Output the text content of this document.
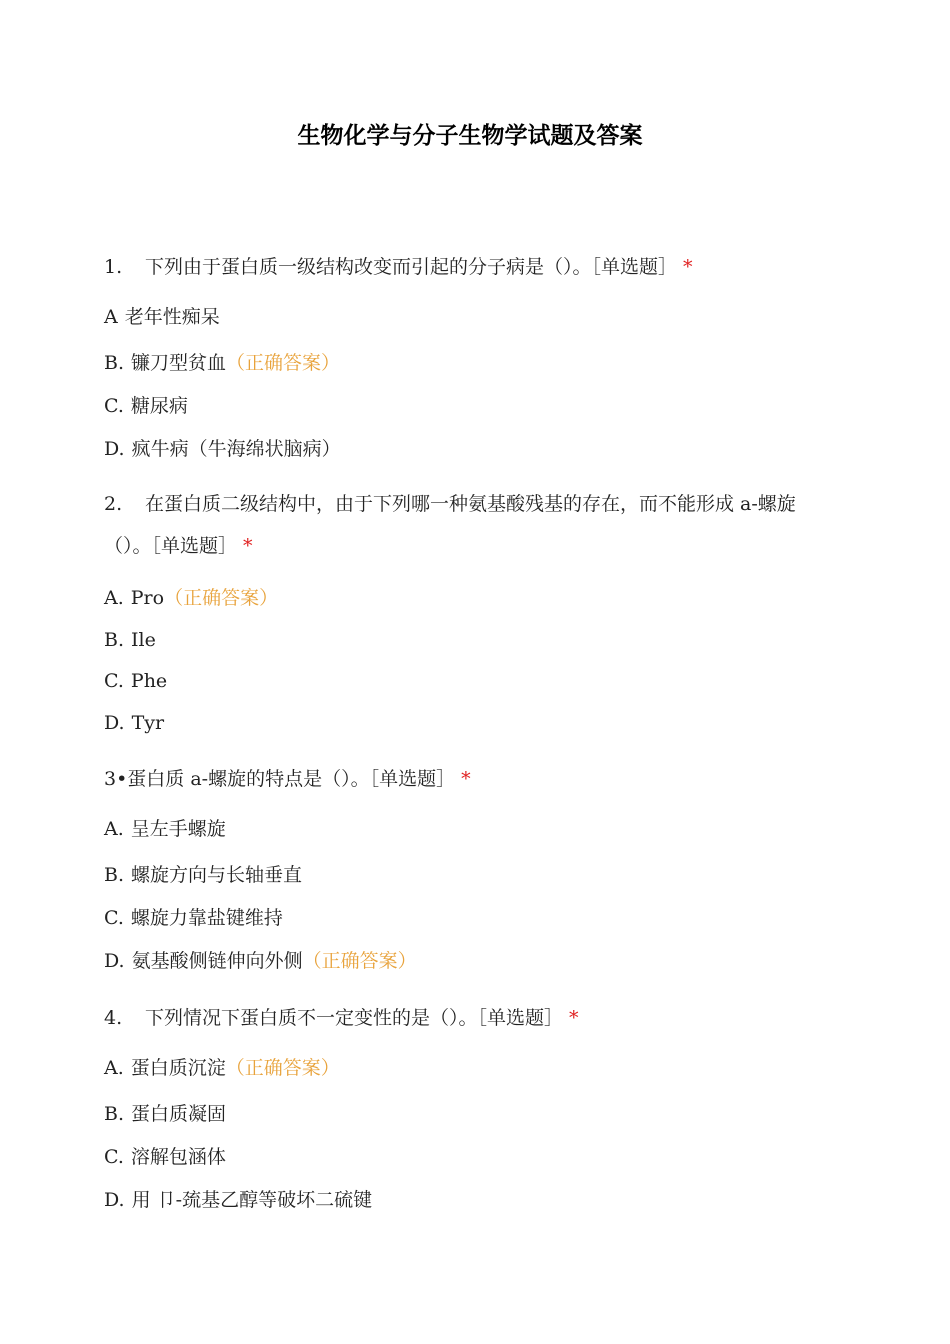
生物化学与分子生物学试题及答案
1. 下列由于蛋白质一级结构改变而引起的分子病是（）。［单选题］ *
A 老年性痴呆
B. 镰刀型贫血（正确答案）
C. 糖尿病
D. 疯牛病（牛海绵状脑病）
2. 在蛋白质二级结构中，由于下列哪一种氨基酸残基的存在，而不能形成 a-螺旋
（）。［单选题］ *
A. Pro（正确答案）
B. Ile
C. Phe
D. Tyr
3•蛋白质 a-螺旋的特点是（）。［单选题］ *
A. 呈左手螺旋
B. 螺旋方向与长轴垂直
C. 螺旋力靠盐键维持
D. 氨基酸侧链伸向外侧（正确答案）
4. 下列情况下蛋白质不一定变性的是（）。［单选题］ *
A. 蛋白质沉淀（正确答案）
B. 蛋白质凝固
C. 溶解包涵体
D. 用 卩-巯基乙醇等破坏二硫键
